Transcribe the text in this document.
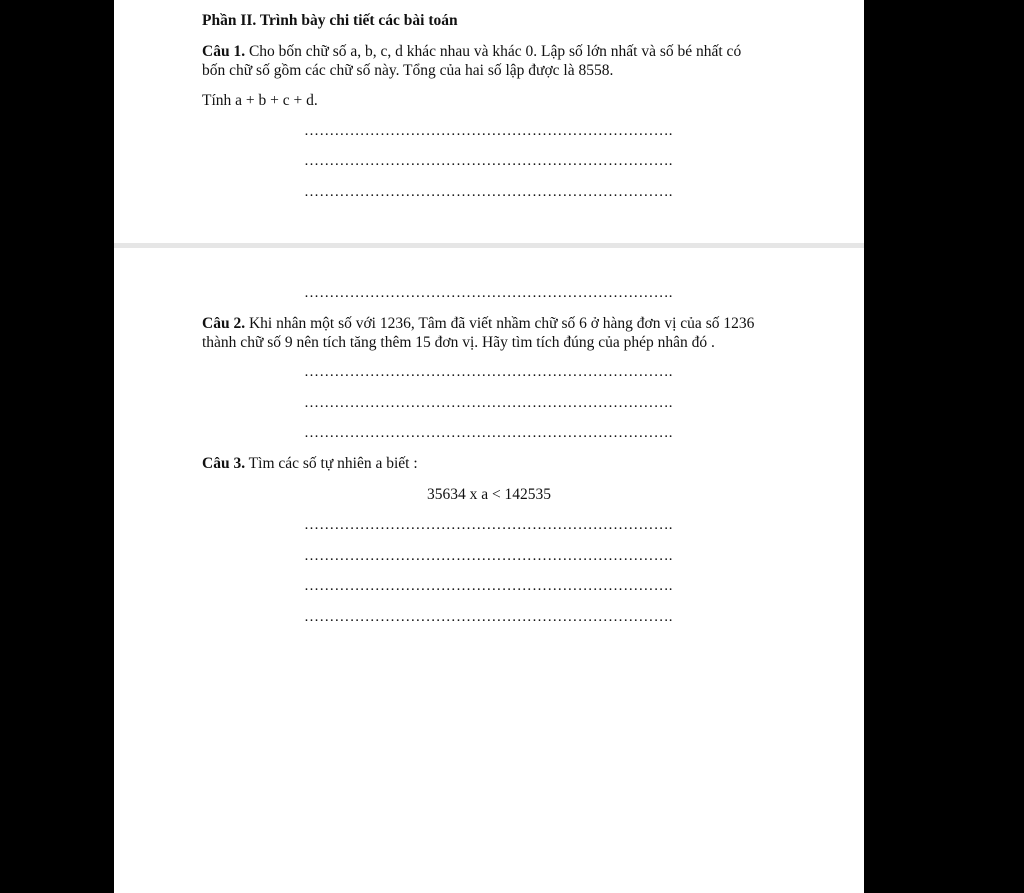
Phần II. Trình bày chi tiết các bài toán
Câu 1. Cho bốn chữ số a, b, c, d khác nhau và khác 0. Lập số lớn nhất và số bé nhất có
bốn chữ số gồm các chữ số này. Tổng của hai số lập được là 8558.
Tính a + b + c + d.
……………………………………………………………….
……………………………………………………………….
……………………………………………………………….
……………………………………………………………….
Câu 2. Khi nhân một số với 1236, Tâm đã viết nhầm chữ số 6 ở hàng đơn vị của số 1236
thành chữ số 9 nên tích tăng thêm 15 đơn vị. Hãy tìm tích đúng của phép nhân đó .
……………………………………………………………….
……………………………………………………………….
……………………………………………………………….
Câu 3. Tìm các số tự nhiên a biết :
35634 x a < 142535
……………………………………………………………….
……………………………………………………………….
……………………………………………………………….
……………………………………………………………….
